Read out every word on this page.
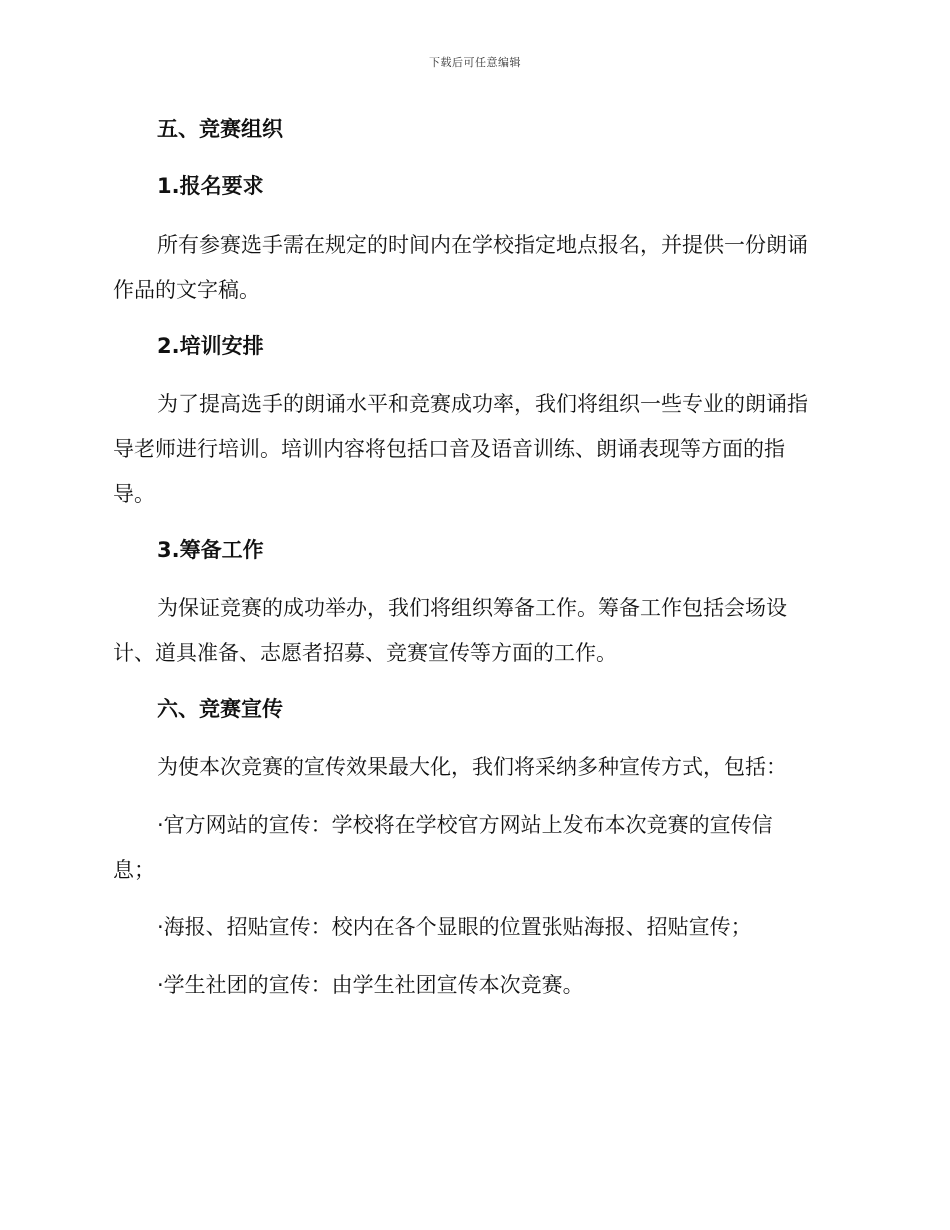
下载后可任意编辑
五、竞赛组织
1.报名要求
所有参赛选手需在规定的时间内在学校指定地点报名，并提供一份朗诵
作品的文字稿。
2.培训安排
为了提高选手的朗诵水平和竞赛成功率，我们将组织一些专业的朗诵指
导老师进行培训。培训内容将包括口音及语音训练、朗诵表现等方面的指
导。
3.筹备工作
为保证竞赛的成功举办，我们将组织筹备工作。筹备工作包括会场设
计、道具准备、志愿者招募、竞赛宣传等方面的工作。
六、竞赛宣传
为使本次竞赛的宣传效果最大化，我们将采纳多种宣传方式，包括：
·官方网站的宣传：学校将在学校官方网站上发布本次竞赛的宣传信
息；
·海报、招贴宣传：校内在各个显眼的位置张贴海报、招贴宣传；
·学生社团的宣传：由学生社团宣传本次竞赛。
